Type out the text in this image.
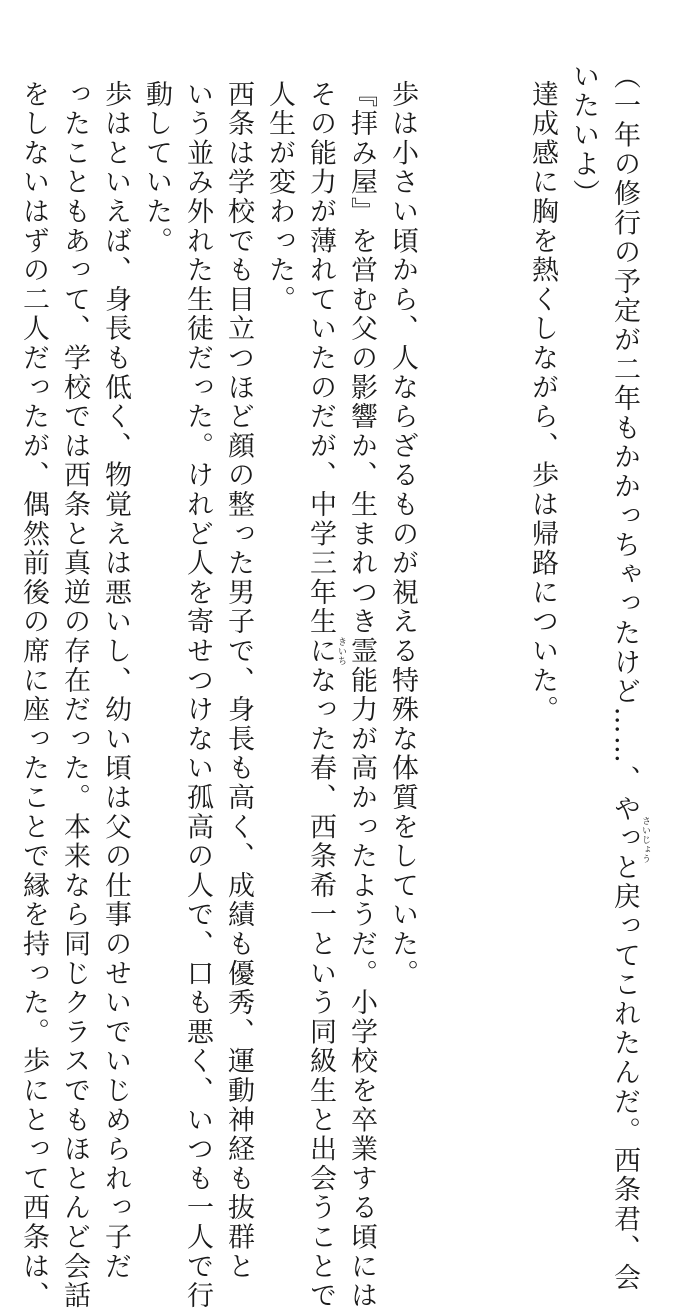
（一年の修行の予定が二年もかかっちゃったけど……、やっと戻ってこれたんだ。西条君、会
いたいよ）
達成感に胸を熱くしながら、歩は帰路についた。
歩は小さい頃から、人ならざるものが視える特殊な体質をしていた。
『拝み屋』を営む父の影響か、生まれつき霊能力が高かったようだ。小学校を卒業する頃には
その能力が薄れていたのだが、中学三年生になった春、西条希一という同級生と出会うことで
人生が変わった。
西条は学校でも目立つほど顔の整った男子で、身長も高く、成績も優秀、運動神経も抜群と
いう並み外れた生徒だった。けれど人を寄せつけない孤高の人で、口も悪く、いつも一人で行
動していた。
歩はといえば、身長も低く、物覚えは悪いし、幼い頃は父の仕事のせいでいじめられっ子だ
ったこともあって、学校では西条と真逆の存在だった。本来なら同じクラスでもほとんど会話
をしないはずの二人だったが、偶然前後の席に座ったことで縁を持った。歩にとって西条は、	さいじょう
きいち
